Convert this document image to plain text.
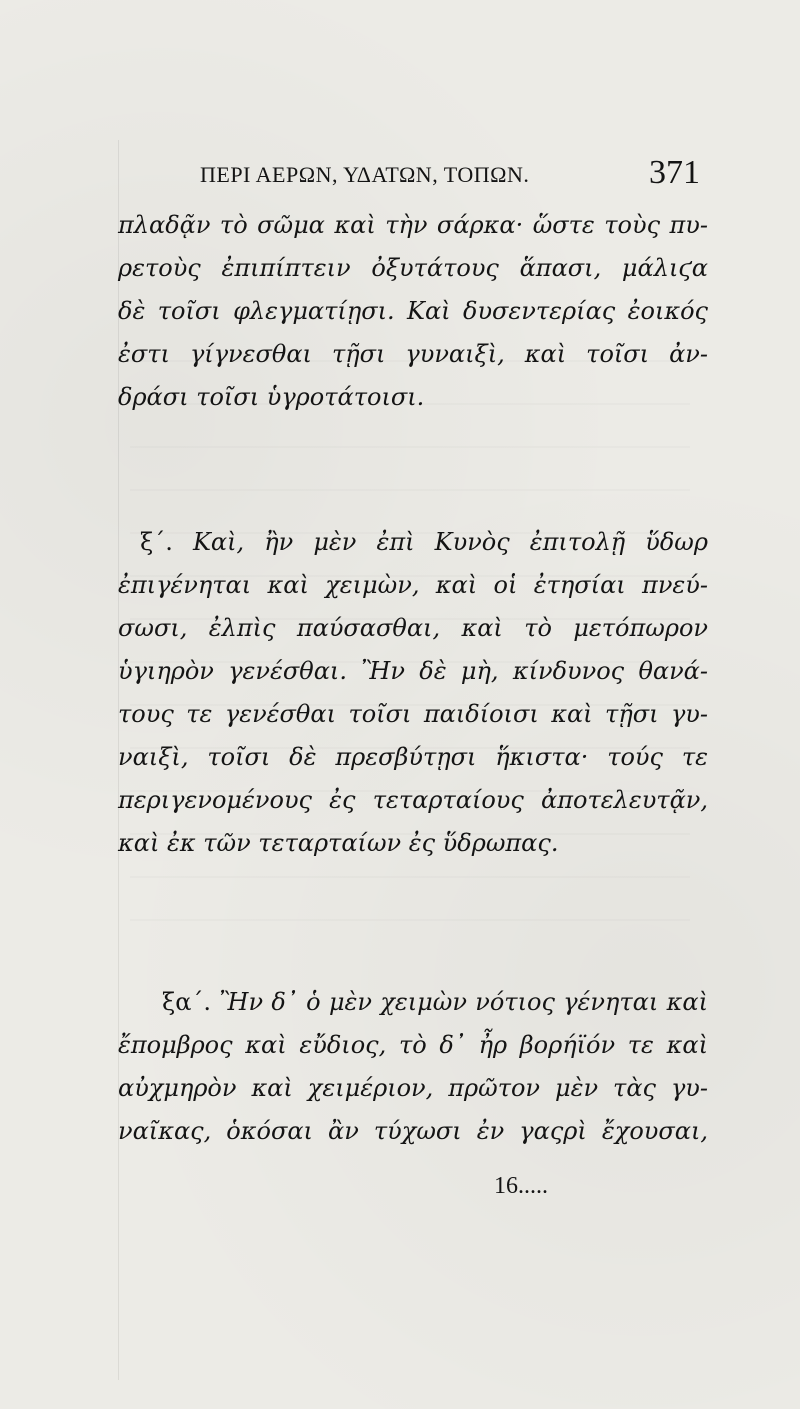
ΠΕΡΙ ΑΕΡΩΝ, ΥΔΑΤΩΝ, ΤΟΠΩΝ.	371
πλαδᾷν τὸ σῶμα καὶ τὴν σάρκα· ὥστε τοὺς πυ-
ρετοὺς ἐπιπίπτειν ὀξυτάτους ἅπασι, μάλιϛα
δὲ τοῖσι φλεγματίῃσι. Καὶ δυσεντερίας ἐοικός
ἐστι γίγνεσθαι τῇσι γυναιξὶ, καὶ τοῖσι ἀν-
δράσι τοῖσι ὑγροτάτοισι.
ξ΄. Καὶ, ἢν μὲν ἐπὶ Κυνὸς ἐπιτολῇ ὕδωρ
ἐπιγένηται καὶ χειμὼν, καὶ οἱ ἐτησίαι πνεύ-
σωσι, ἐλπὶς παύσασθαι, καὶ τὸ μετόπωρον
ὑγιηρὸν γενέσθαι. Ἢν δὲ μὴ, κίνδυνος θανά-
τους τε γενέσθαι τοῖσι παιδίοισι καὶ τῇσι γυ-
ναιξὶ, τοῖσι δὲ πρεσβύτῃσι ἥκιστα· τούς τε
περιγενομένους ἐς τεταρταίους ἀποτελευτᾷν,
καὶ ἐκ τῶν τεταρταίων ἐς ὕδρωπας.
ξα΄. Ἢν δ᾽ ὁ μὲν χειμὼν νότιος γένηται καὶ
ἔπομβρος καὶ εὔδιος, τὸ δ᾽ ἦρ βορήϊόν τε καὶ
αὐχμηρὸν καὶ χειμέριον, πρῶτον μὲν τὰς γυ-
ναῖκας, ὁκόσαι ἂν τύχωσι ἐν γαςρὶ ἔχουσαι,
16.....
